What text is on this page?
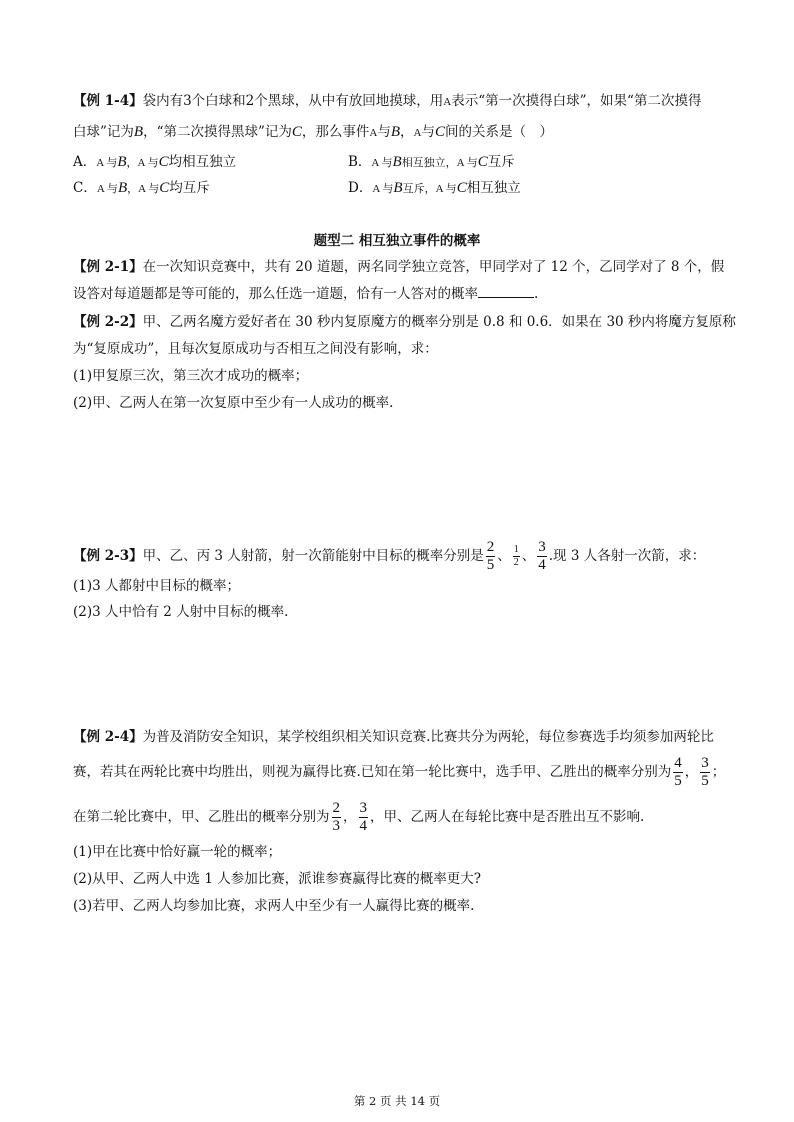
【例 1-4】袋内有3个白球和2个黑球，从中有放回地摸球，用A表示“第一次摸得白球”，如果“第二次摸得
白球”记为B，“第二次摸得黑球”记为C，那么事件A与B，A与C间的关系是（　）
A．A 与B，A 与C均相互独立	B．A 与B相互独立，A 与C互斥
C．A 与B，A 与C均互斥	D．A 与B互斥，A 与C相互独立
题型二 相互独立事件的概率
【例 2-1】在一次知识竞赛中，共有 20 道题，两名同学独立竞答，甲同学对了 12 个，乙同学对了 8 个，假
设答对每道题都是等可能的，那么任选一道题，恰有一人答对的概率	.
【例 2-2】甲、乙两名魔方爱好者在 30 秒内复原魔方的概率分别是 0.8 和 0.6．如果在 30 秒内将魔方复原称
为“复原成功”，且每次复原成功与否相互之间没有影响，求：
(1)甲复原三次，第三次才成功的概率；
(2)甲、乙两人在第一次复原中至少有一人成功的概率.
【例 2-3】甲、乙、丙 3 人射箭，射一次箭能射中目标的概率分别是 $\frac{2}{5}$ 、 $\frac{1}{2}$ 、 $\frac{3}{4}$ .现 3 人各射一次箭，求：
(1)3 人都射中目标的概率；
(2)3 人中恰有 2 人射中目标的概率.
【例 2-4】为普及消防安全知识，某学校组织相关知识竞赛.比赛共分为两轮，每位参赛选手均须参加两轮比
赛，若其在两轮比赛中均胜出，则视为赢得比赛.已知在第一轮比赛中，选手甲、乙胜出的概率分别为 $\frac{4}{5}$ ， $\frac{3}{5}$ ；
在第二轮比赛中，甲、乙胜出的概率分别为 $\frac{2}{3}$ ， $\frac{3}{4}$ ，甲、乙两人在每轮比赛中是否胜出互不影响.
(1)甲在比赛中恰好赢一轮的概率；
(2)从甲、乙两人中选 1 人参加比赛，派谁参赛赢得比赛的概率更大?
(3)若甲、乙两人均参加比赛，求两人中至少有一人赢得比赛的概率.
第 2 页 共 14 页
